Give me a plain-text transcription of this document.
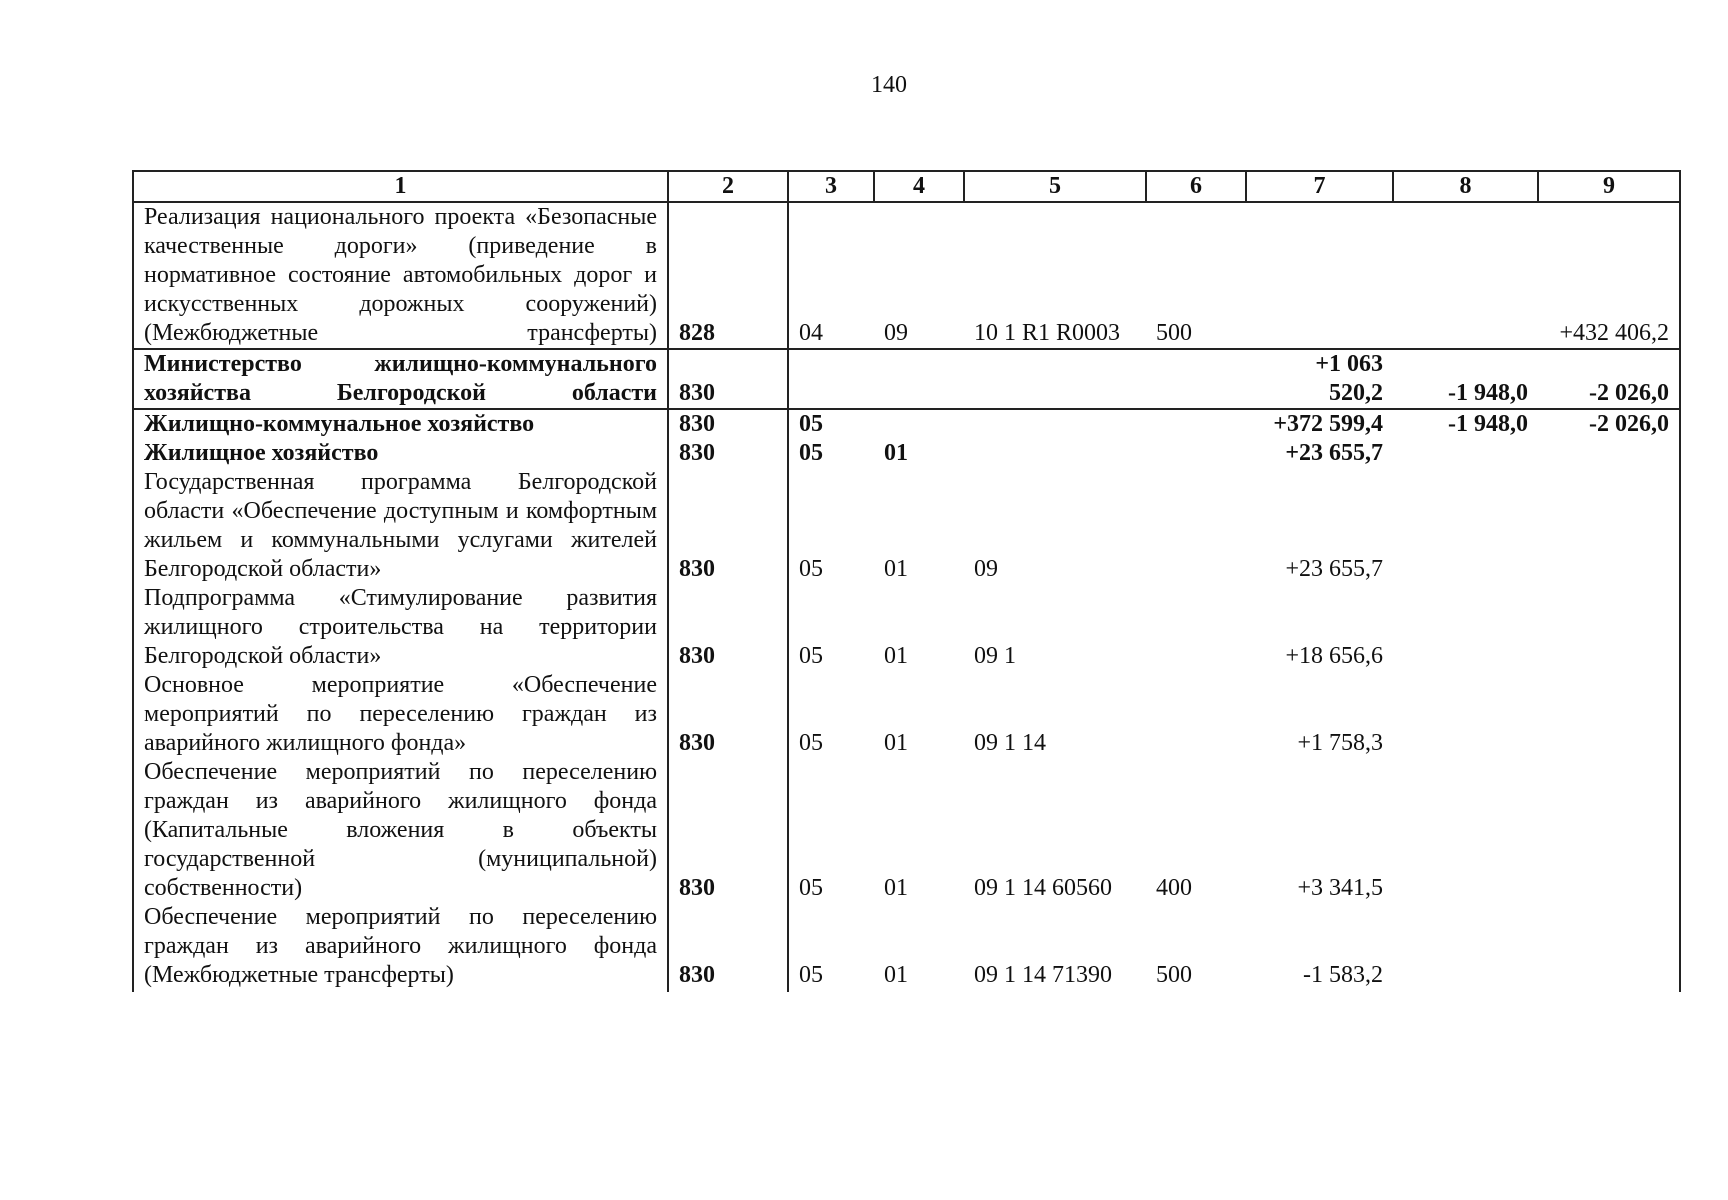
140
1	2	3	4	5	6	7	8	9
Реализация национального проекта «Безопасные качественные дороги» (приведение в нормативное состояние автомобильных дорог и искусственных дорожных сооружений) (Межбюджетные трансферты)	828	04	09	10 1 R1 R0003	500			+432 406,2
Министерство жилищно-коммунального хозяйства Белгородской области	830					+1 063 520,2	-1 948,0	-2 026,0
Жилищно-коммунальное хозяйство	830	05				+372 599,4	-1 948,0	-2 026,0
Жилищное хозяйство	830	05	01			+23 655,7		
Государственная программа Белгородской области «Обеспечение доступным и комфортным жильем и коммунальными услугами жителей Белгородской области»	830	05	01	09		+23 655,7		
Подпрограмма «Стимулирование развития жилищного строительства на территории Белгородской области»	830	05	01	09 1		+18 656,6		
Основное мероприятие «Обеспечение мероприятий по переселению граждан из аварийного жилищного фонда»	830	05	01	09 1 14		+1 758,3		
Обеспечение мероприятий по переселению граждан из аварийного жилищного фонда (Капитальные вложения в объекты государственной (муниципальной) собственности)	830	05	01	09 1 14 60560	400	+3 341,5		
Обеспечение мероприятий по переселению граждан из аварийного жилищного фонда (Межбюджетные трансферты)	830	05	01	09 1 14 71390	500	-1 583,2		
